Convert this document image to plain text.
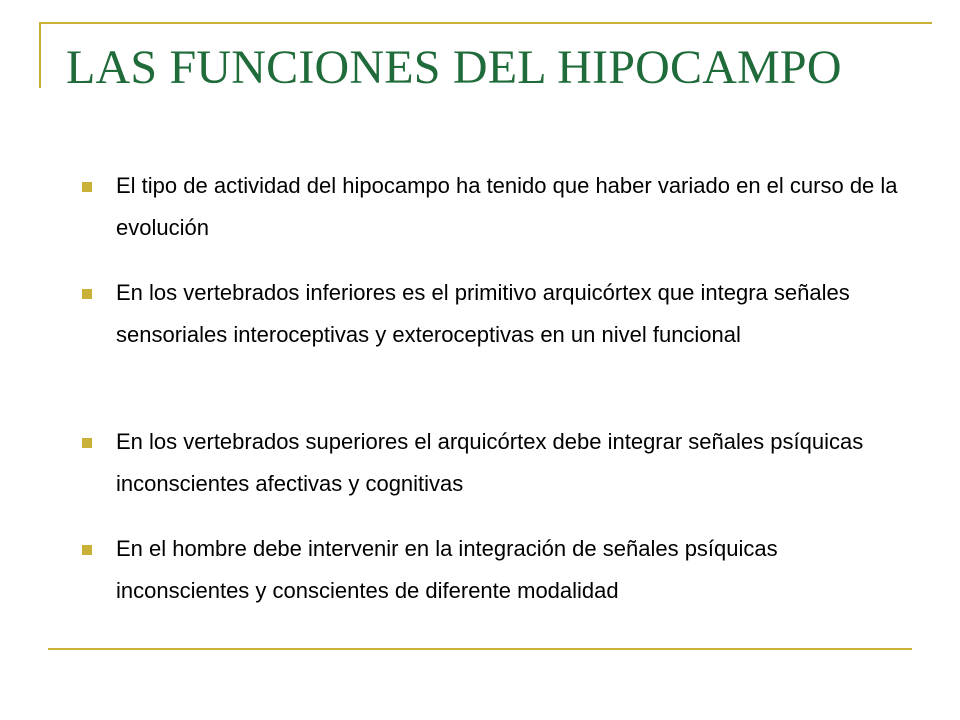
LAS FUNCIONES DEL HIPOCAMPO
El tipo de actividad del hipocampo ha tenido que haber variado en el curso de la evolución
En los vertebrados inferiores es el primitivo arquicórtex que integra señales sensoriales interoceptivas y exteroceptivas en un nivel funcional
En los vertebrados superiores el arquicórtex debe integrar señales psíquicas inconscientes afectivas y cognitivas
En el hombre debe intervenir en la integración de señales psíquicas inconscientes y conscientes de diferente modalidad
